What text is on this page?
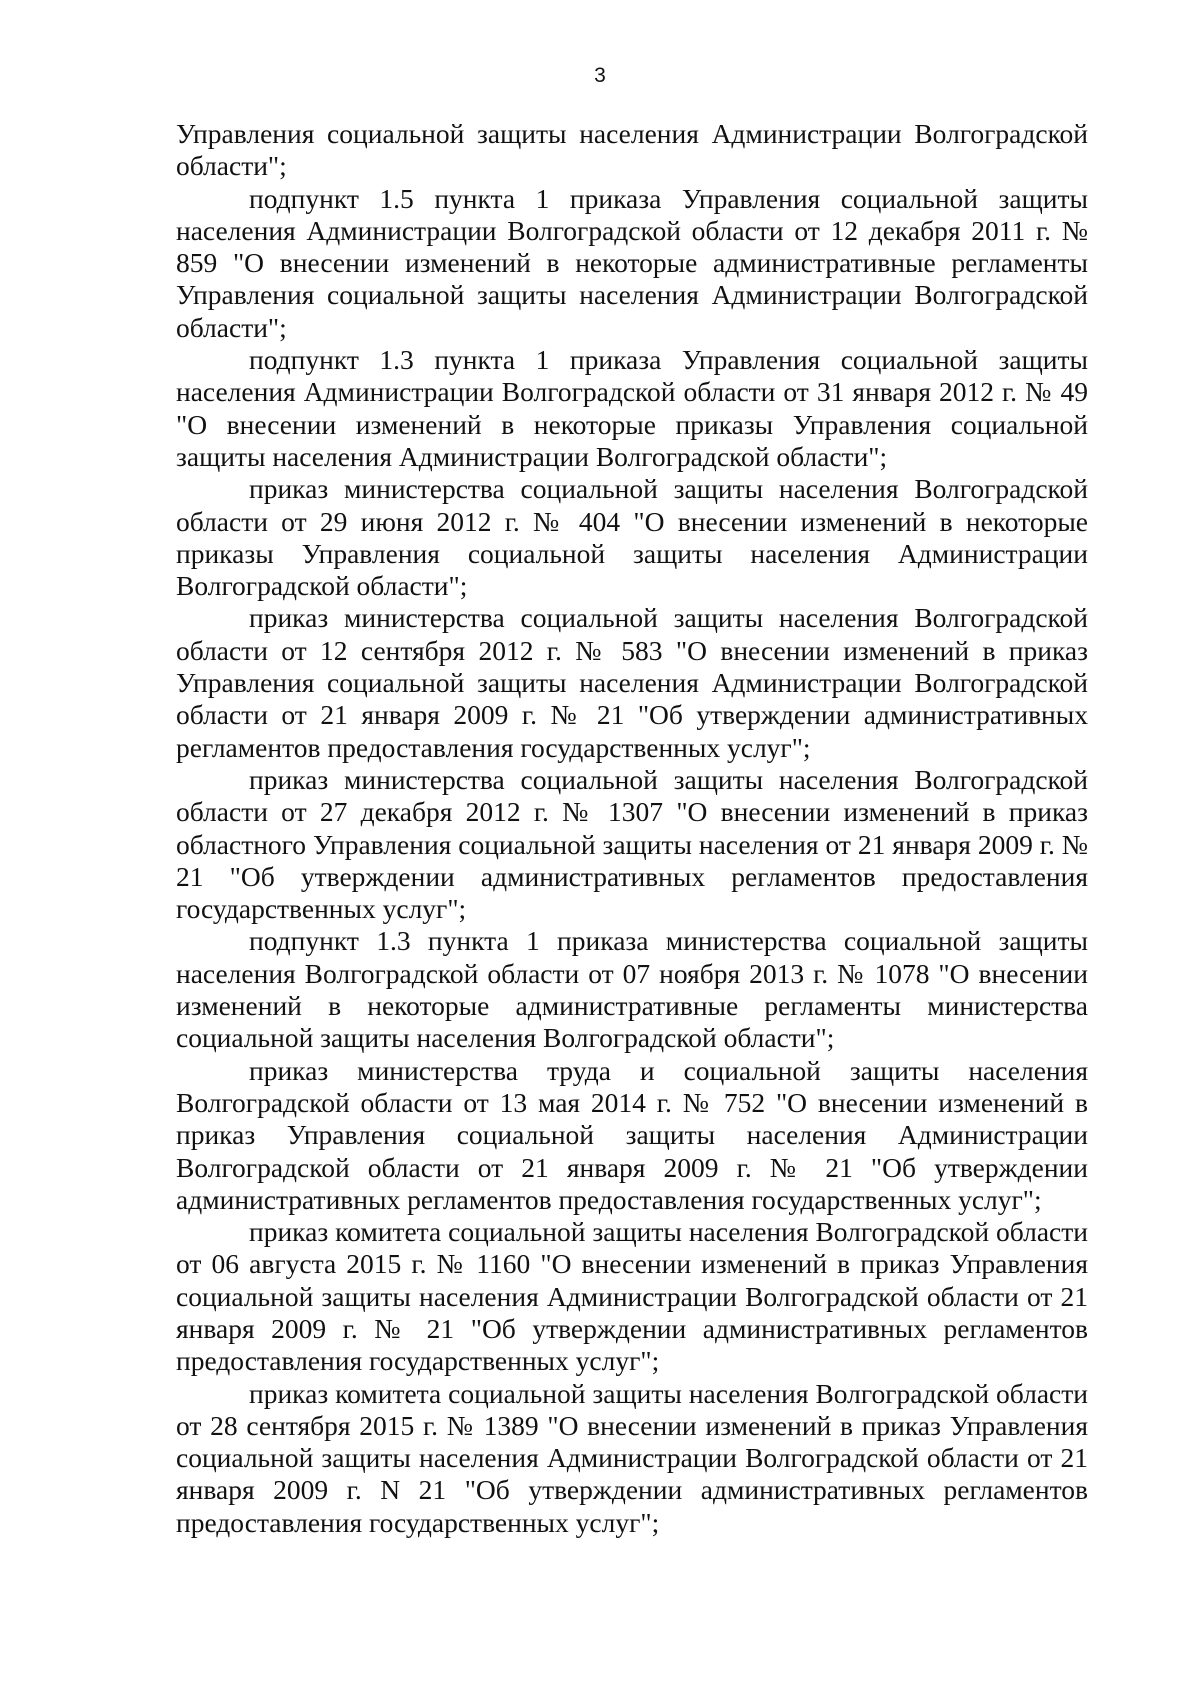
3

Управления социальной защиты населения Администрации Волгоградской области";

подпункт 1.5 пункта 1 приказа Управления социальной защиты населения Администрации Волгоградской области от 12 декабря 2011 г. № 859 "О внесении изменений в некоторые административные регламенты Управления социальной защиты населения Администрации Волгоградской области";

подпункт 1.3 пункта 1 приказа Управления социальной защиты населения Администрации Волгоградской области от 31 января 2012 г. № 49 "О внесении изменений в некоторые приказы Управления социальной защиты населения Администрации Волгоградской области";

приказ министерства социальной защиты населения Волгоградской области от 29 июня 2012 г. № 404 "О внесении изменений в некоторые приказы Управления социальной защиты населения Администрации Волгоградской области";

приказ министерства социальной защиты населения Волгоградской области от 12 сентября 2012 г. № 583 "О внесении изменений в приказ Управления социальной защиты населения Администрации Волгоградской области от 21 января 2009 г. № 21 "Об утверждении административных регламентов предоставления государственных услуг";

приказ министерства социальной защиты населения Волгоградской области от 27 декабря 2012 г. № 1307 "О внесении изменений в приказ областного Управления социальной защиты населения от 21 января 2009 г. № 21 "Об утверждении административных регламентов предоставления государственных услуг";

подпункт 1.3 пункта 1 приказа министерства социальной защиты населения Волгоградской области от 07 ноября 2013 г. № 1078 "О внесении изменений в некоторые административные регламенты министерства социальной защиты населения Волгоградской области";

приказ министерства труда и социальной защиты населения Волгоградской области от 13 мая 2014 г. № 752 "О внесении изменений в приказ Управления социальной защиты населения Администрации Волгоградской области от 21 января 2009 г. № 21 "Об утверждении административных регламентов предоставления государственных услуг";

приказ комитета социальной защиты населения Волгоградской области от 06 августа 2015 г. № 1160 "О внесении изменений в приказ Управления социальной защиты населения Администрации Волгоградской области от 21 января 2009 г. № 21 "Об утверждении административных регламентов предоставления государственных услуг";

приказ комитета социальной защиты населения Волгоградской области от 28 сентября 2015 г. № 1389 "О внесении изменений в приказ Управления социальной защиты населения Администрации Волгоградской области от 21 января 2009 г. N 21 "Об утверждении административных регламентов предоставления государственных услуг";
